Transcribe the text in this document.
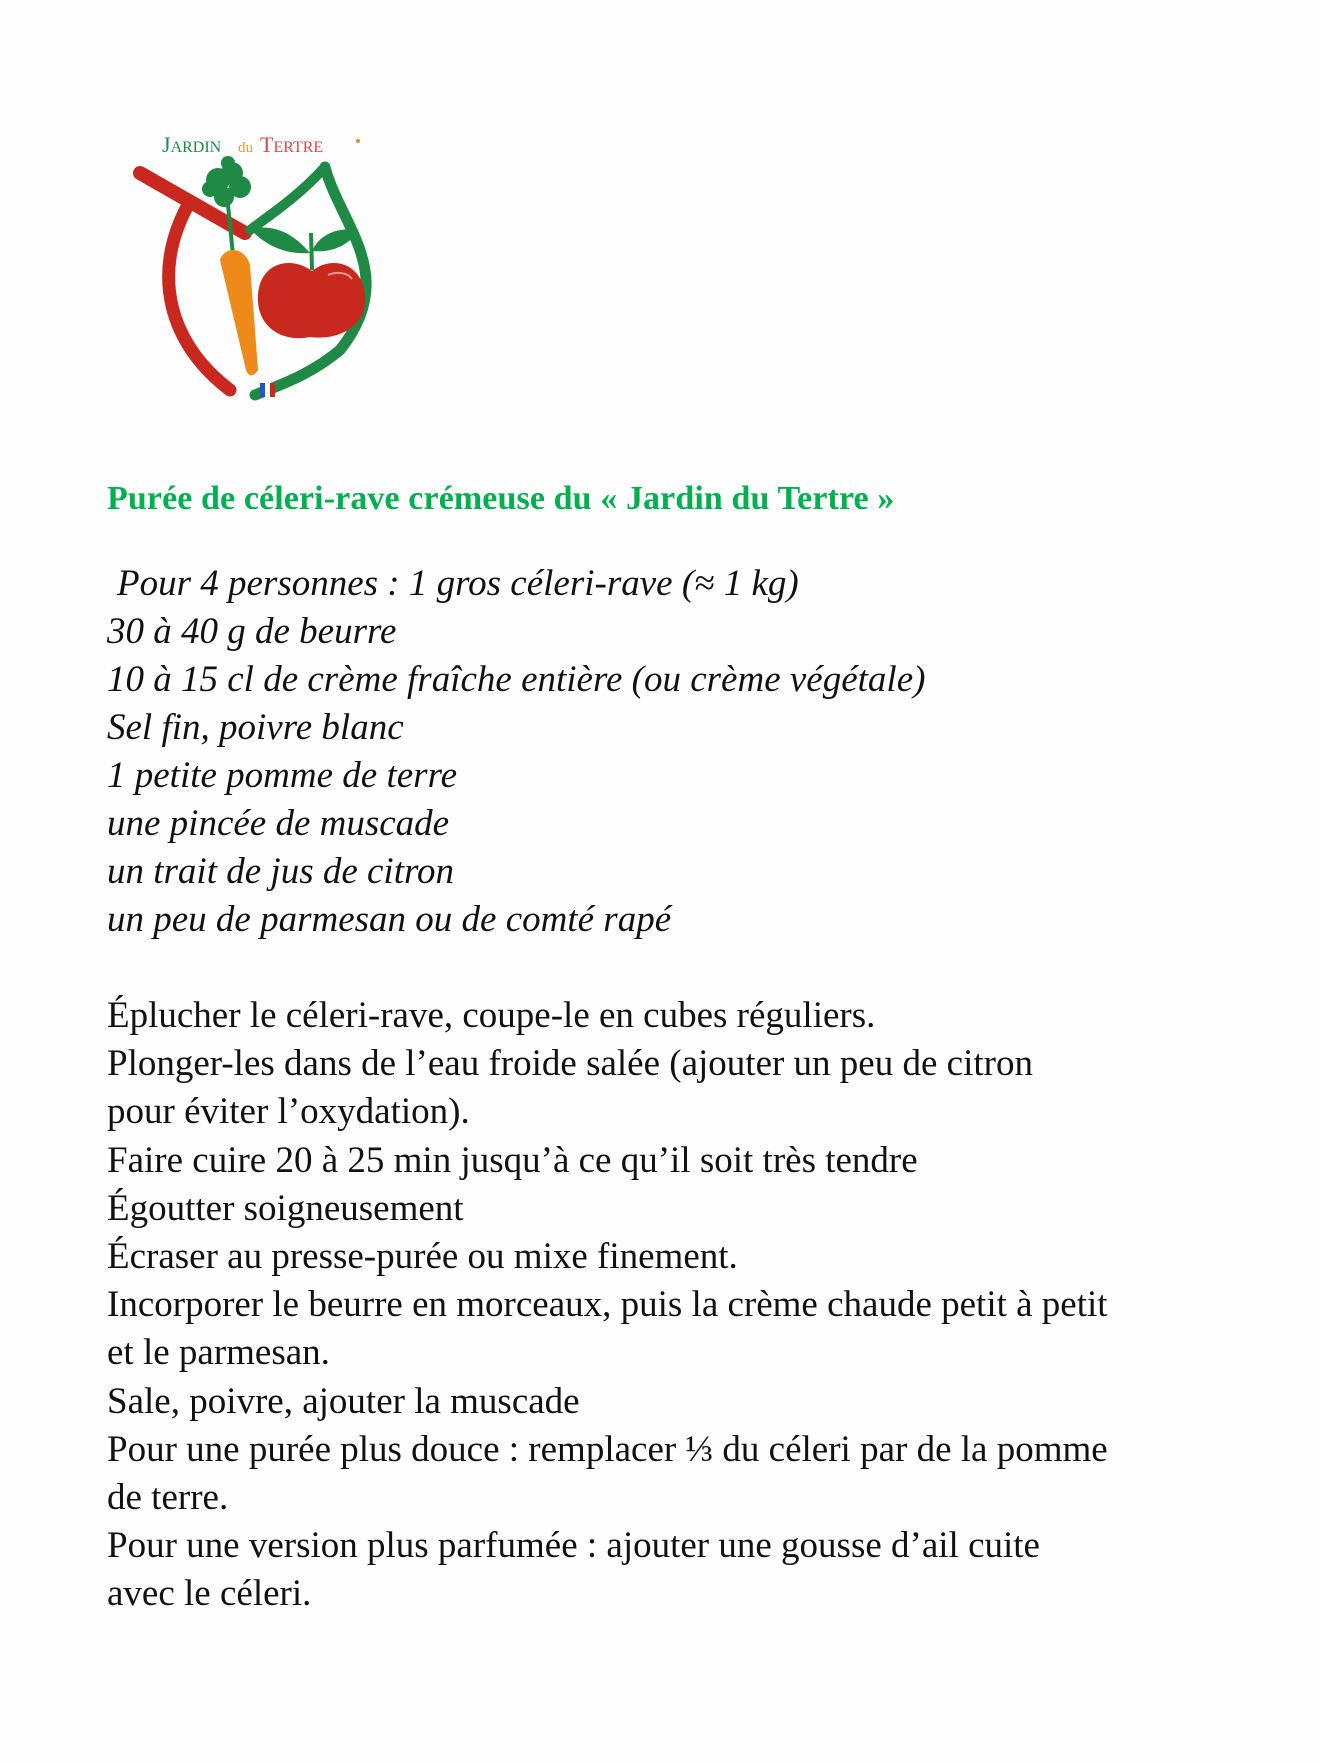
JARDIN du TERTRE
Purée de céleri-rave crémeuse du « Jardin du Tertre »
Pour 4 personnes : 1 gros céleri-rave (≈ 1 kg)
30 à 40 g de beurre
10 à 15 cl de crème fraîche entière (ou crème végétale)
Sel fin, poivre blanc
1 petite pomme de terre
une pincée de muscade
un trait de jus de citron
un peu de parmesan ou de comté rapé
Éplucher le céleri-rave, coupe-le en cubes réguliers.
Plonger-les dans de l’eau froide salée (ajouter un peu de citron
pour éviter l’oxydation).
Faire cuire 20 à 25 min jusqu’à ce qu’il soit très tendre
Égoutter soigneusement
Écraser au presse-purée ou mixe finement.
Incorporer le beurre en morceaux, puis la crème chaude petit à petit
et le parmesan.
Sale, poivre, ajouter la muscade
Pour une purée plus douce : remplacer ⅓ du céleri par de la pomme
de terre.
Pour une version plus parfumée : ajouter une gousse d’ail cuite
avec le céleri.
